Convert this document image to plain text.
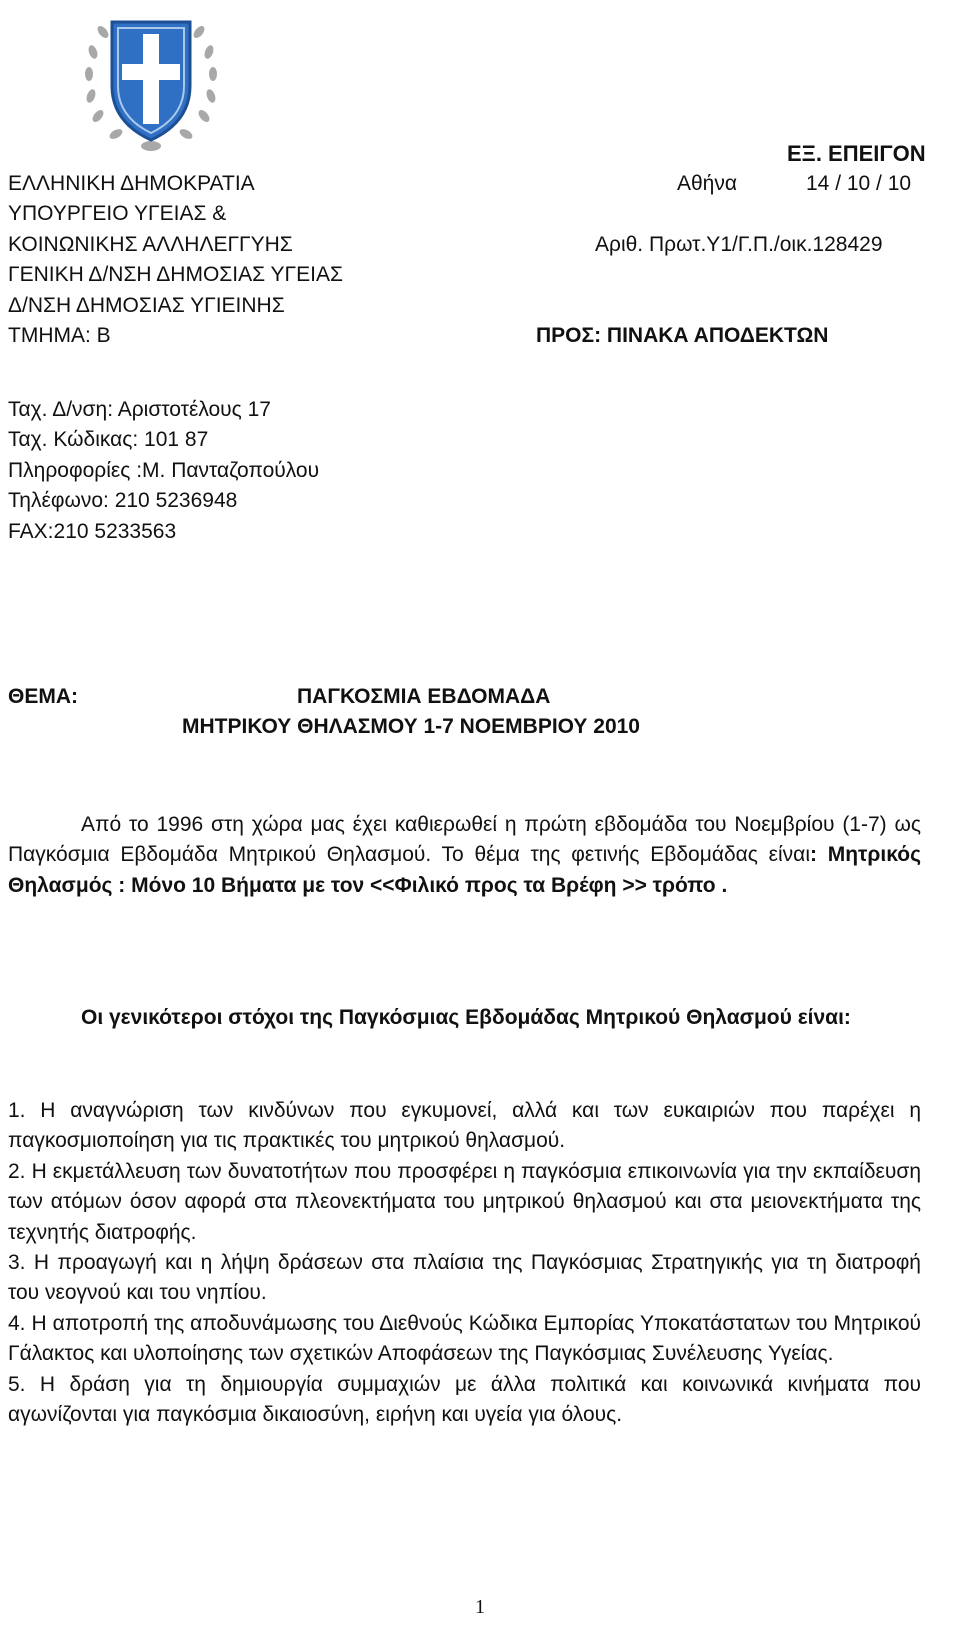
ΕΞ. ΕΠΕΙΓΟΝ
ΕΛΛΗΝΙΚΗ ΔΗΜΟΚΡΑΤΙΑ
ΥΠΟΥΡΓΕΙΟ ΥΓΕΙΑΣ &
ΚΟΙΝΩΝΙΚΗΣ ΑΛΛΗΛΕΓΓΥΗΣ
ΓΕΝΙΚΗ Δ/ΝΣΗ ΔΗΜΟΣΙΑΣ ΥΓΕΙΑΣ
Δ/ΝΣΗ ΔΗΜΟΣΙΑΣ ΥΓΙΕΙΝΗΣ
ΤΜΗΜΑ: Β
Αθήνα	14 / 10 / 10
Αριθ. Πρωτ.Υ1/Γ.Π./οικ.128429
ΠΡΟΣ: ΠΙΝΑΚΑ ΑΠΟΔΕΚΤΩΝ
Ταχ. Δ/νση: Αριστοτέλους 17
Ταχ. Κώδικας: 101 87
Πληροφορίες :Μ. Πανταζοπούλου
Τηλέφωνο: 210 5236948
FAX:210 5233563
ΘΕΜΑ:	ΠΑΓΚΟΣΜΙΑ ΕΒΔΟΜΑΔΑ
ΜΗΤΡΙΚΟΥ ΘΗΛΑΣΜΟΥ 1-7 ΝΟΕΜΒΡΙΟΥ 2010
Από το 1996 στη χώρα μας έχει καθιερωθεί η πρώτη εβδομάδα του Νοεμβρίου (1-7) ως Παγκόσμια Εβδομάδα Μητρικού Θηλασμού. Το θέμα της φετινής Εβδομάδας είναι: Μητρικός Θηλασμός : Μόνο 10 Βήματα με τον <<Φιλικό προς τα Βρέφη >> τρόπο .
Οι γενικότεροι στόχοι της Παγκόσμιας Εβδομάδας Μητρικού Θηλασμού είναι:
1. Η αναγνώριση των κινδύνων που εγκυμονεί, αλλά και των ευκαιριών που παρέχει η παγκοσμιοποίηση για τις πρακτικές του μητρικού θηλασμού.
2. Η εκμετάλλευση των δυνατοτήτων που προσφέρει η παγκόσμια επικοινωνία για την εκπαίδευση των ατόμων όσον αφορά στα πλεονεκτήματα του μητρικού θηλασμού και στα μειονεκτήματα της τεχνητής διατροφής.
3. Η προαγωγή και η λήψη δράσεων στα πλαίσια της Παγκόσμιας Στρατηγικής για τη διατροφή του νεογνού και του νηπίου.
4. Η αποτροπή της αποδυνάμωσης του Διεθνούς Κώδικα Εμπορίας Υποκατάστατων του Μητρικού Γάλακτος και υλοποίησης των σχετικών Αποφάσεων της Παγκόσμιας Συνέλευσης Υγείας.
5. Η δράση για τη δημιουργία συμμαχιών με άλλα πολιτικά και κοινωνικά κινήματα που αγωνίζονται για παγκόσμια δικαιοσύνη, ειρήνη και υγεία για όλους.
1
